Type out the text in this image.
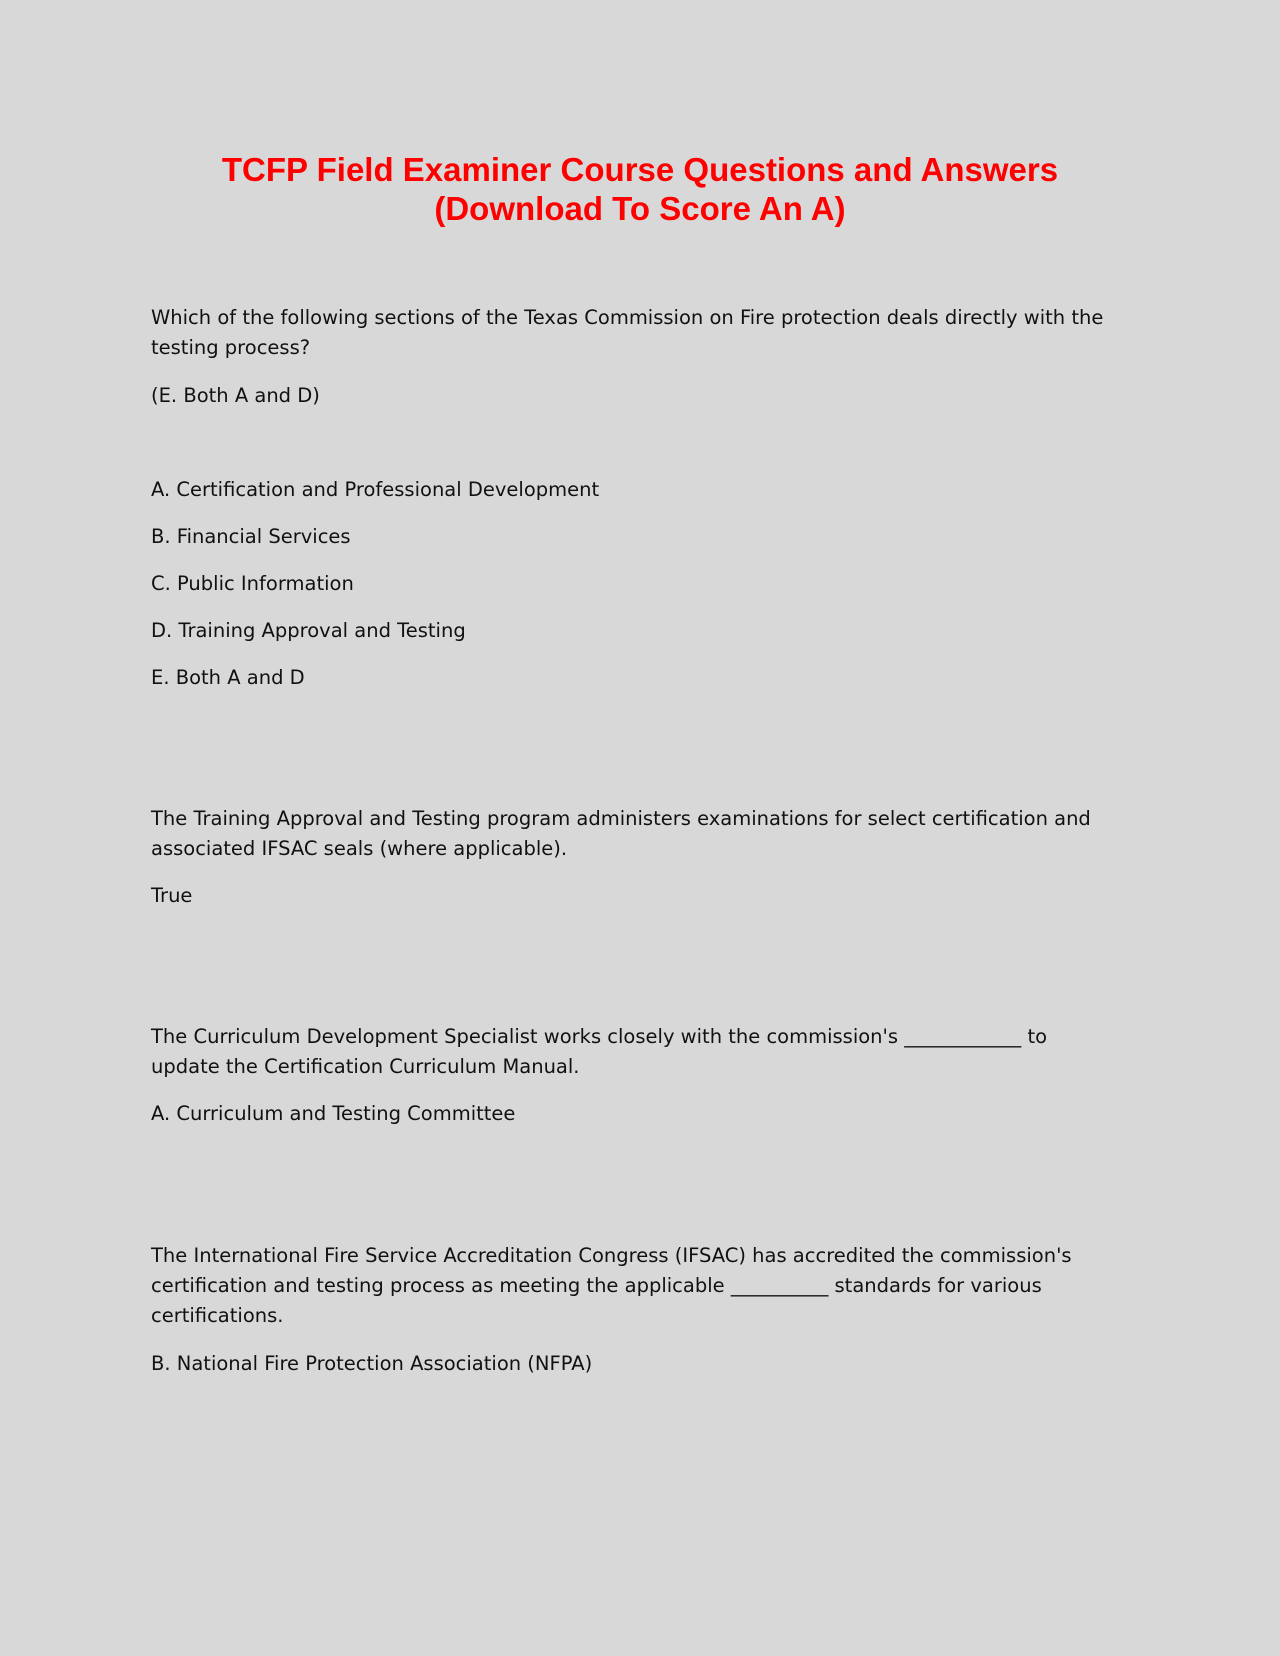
TCFP Field Examiner Course Questions and Answers
(Download To Score An A)

Which of the following sections of the Texas Commission on Fire protection deals directly with the testing process?

(E. Both A and D)

A. Certification and Professional Development

B. Financial Services

C. Public Information

D. Training Approval and Testing

E. Both A and D

The Training Approval and Testing program administers examinations for select certification and associated IFSAC seals (where applicable).

True

The Curriculum Development Specialist works closely with the commission's ____________ to update the Certification Curriculum Manual.

A. Curriculum and Testing Committee

The International Fire Service Accreditation Congress (IFSAC) has accredited the commission's certification and testing process as meeting the applicable __________ standards for various certifications.

B. National Fire Protection Association (NFPA)
